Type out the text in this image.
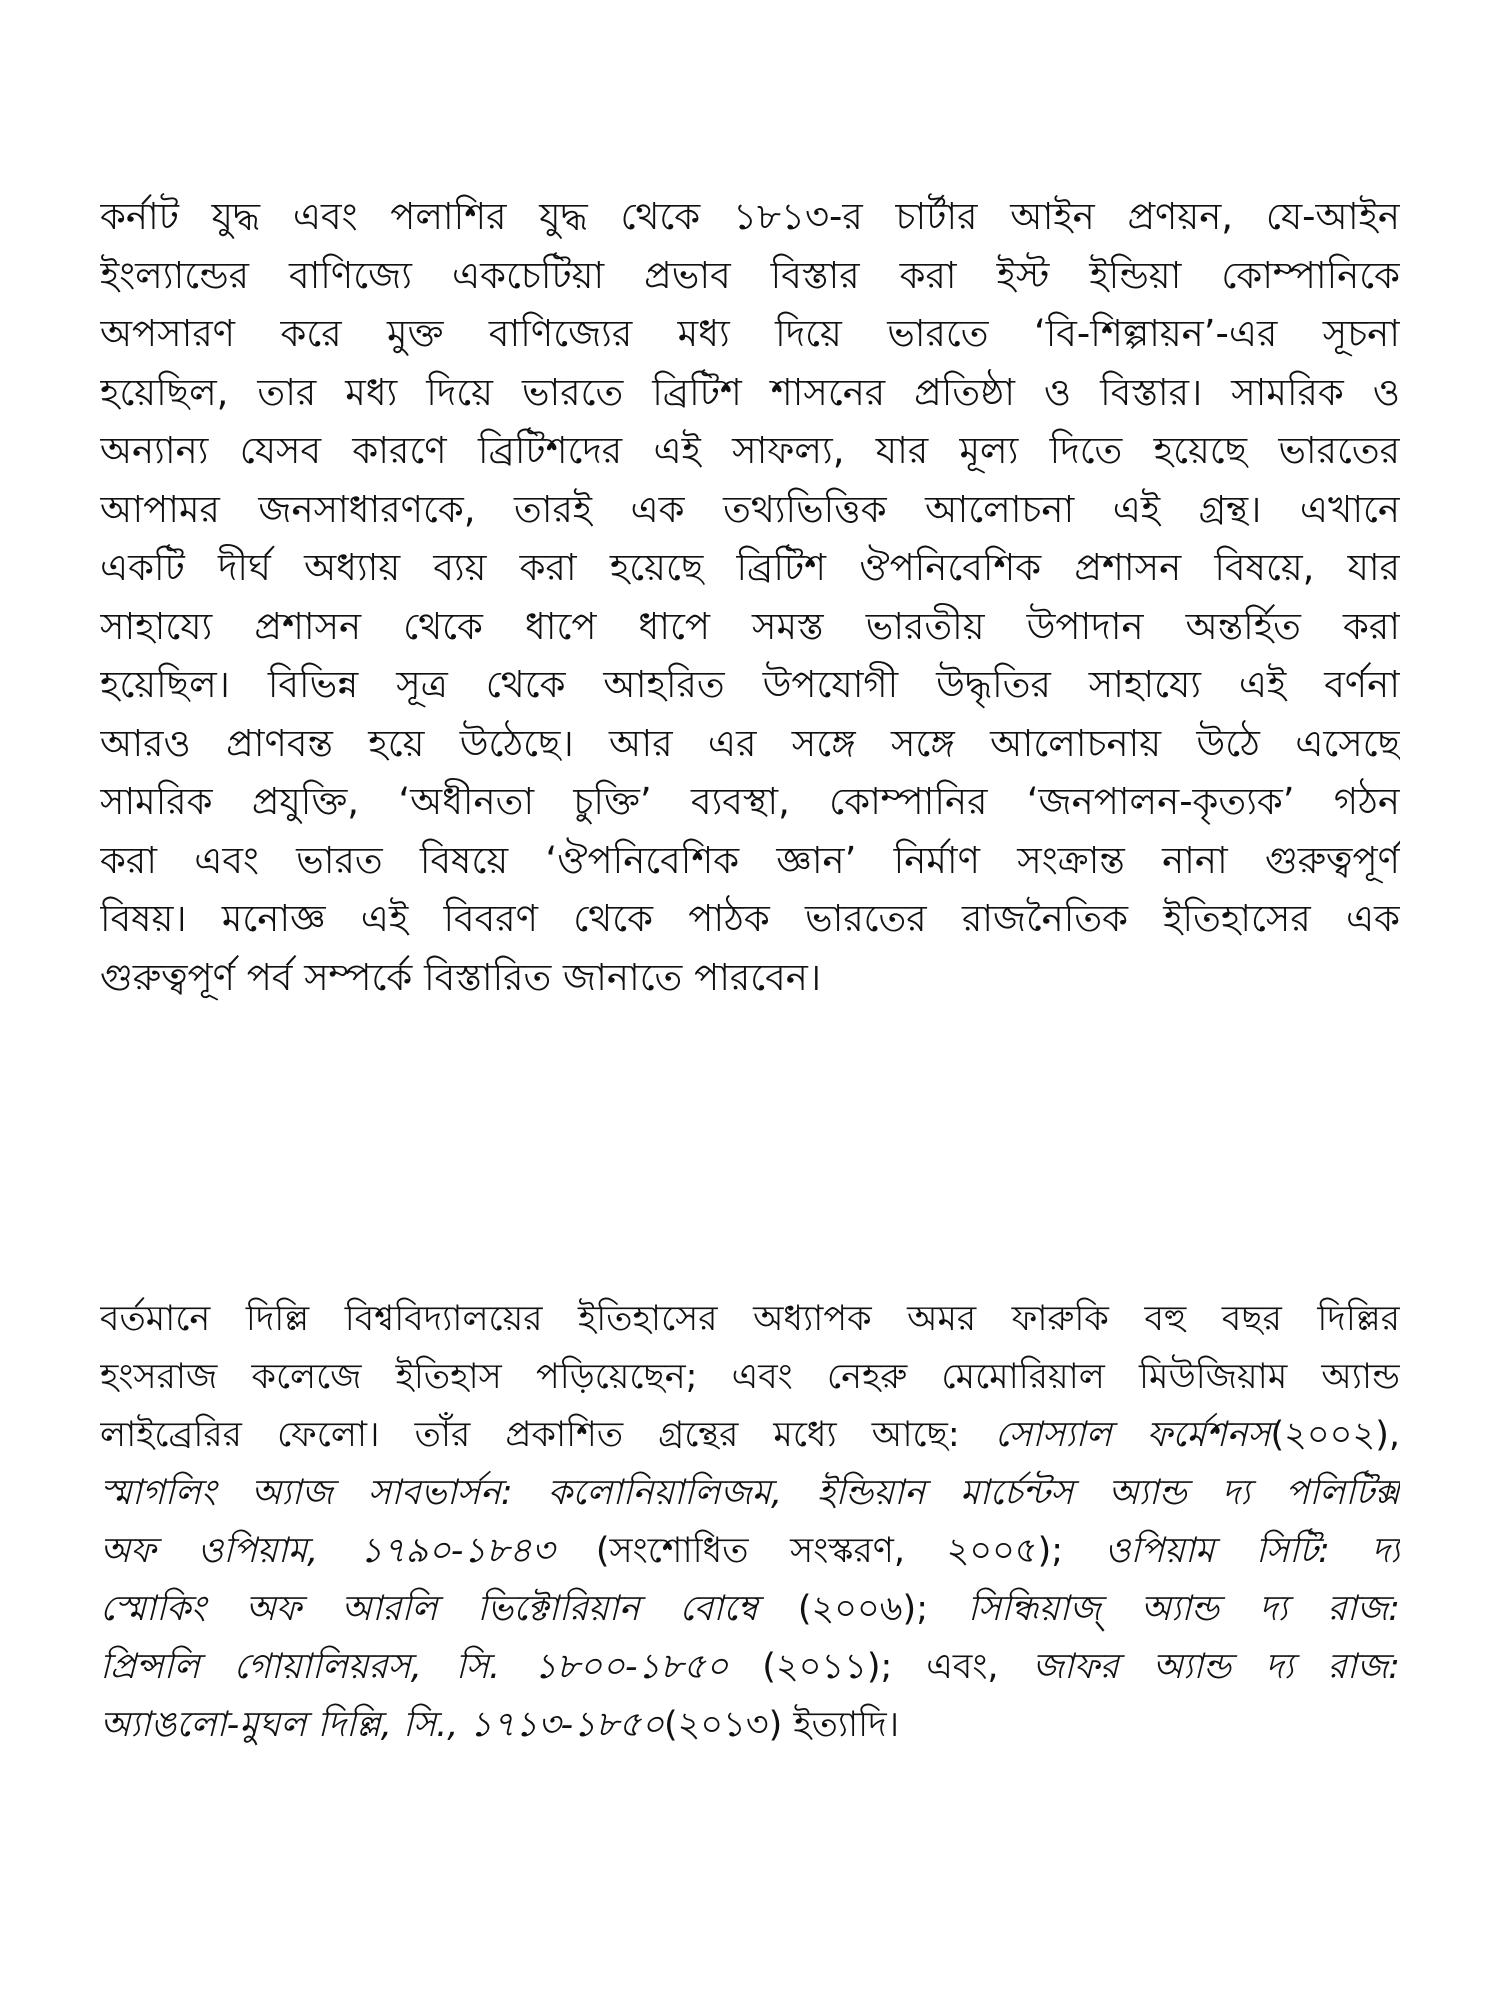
কর্নাট যুদ্ধ এবং পলাশির যুদ্ধ থেকে ১৮১৩-র চার্টার আইন প্রণয়ন, যে-আইন
ইংল্যান্ডের বাণিজ্যে একচেটিয়া প্রভাব বিস্তার করা ইস্ট ইন্ডিয়া কোম্পানিকে
অপসারণ করে মুক্ত বাণিজ্যের মধ্য দিয়ে ভারতে ‘বি-শিল্পায়ন’-এর সূচনা
হয়েছিল, তার মধ্য দিয়ে ভারতে ব্রিটিশ শাসনের প্রতিষ্ঠা ও বিস্তার। সামরিক ও
অন্যান্য যেসব কারণে ব্রিটিশদের এই সাফল্য, যার মূল্য দিতে হয়েছে ভারতের
আপামর জনসাধারণকে, তারই এক তথ্যভিত্তিক আলোচনা এই গ্রন্থ। এখানে
একটি দীর্ঘ অধ্যায় ব্যয় করা হয়েছে ব্রিটিশ ঔপনিবেশিক প্রশাসন বিষয়ে, যার
সাহায্যে প্রশাসন থেকে ধাপে ধাপে সমস্ত ভারতীয় উপাদান অন্তর্হিত করা
হয়েছিল। বিভিন্ন সূত্র থেকে আহরিত উপযোগী উদ্ধৃতির সাহায্যে এই বর্ণনা
আরও প্রাণবন্ত হয়ে উঠেছে। আর এর সঙ্গে সঙ্গে আলোচনায় উঠে এসেছে
সামরিক প্রযুক্তি, ‘অধীনতা চুক্তি’ ব্যবস্থা, কোম্পানির ‘জনপালন-কৃত্যক’ গঠন
করা এবং ভারত বিষয়ে ‘ঔপনিবেশিক জ্ঞান’ নির্মাণ সংক্রান্ত নানা গুরুত্বপূর্ণ
বিষয়। মনোজ্ঞ এই বিবরণ থেকে পাঠক ভারতের রাজনৈতিক ইতিহাসের এক
গুরুত্বপূর্ণ পর্ব সম্পর্কে বিস্তারিত জানাতে পারবেন।
বর্তমানে দিল্লি বিশ্ববিদ্যালয়ের ইতিহাসের অধ্যাপক অমর ফারুকি বহু বছর দিল্লির
হংসরাজ কলেজে ইতিহাস পড়িয়েছেন; এবং নেহরু মেমোরিয়াল মিউজিয়াম অ্যান্ড
লাইব্রেরির ফেলো। তাঁর প্রকাশিত গ্রন্থের মধ্যে আছে: সোস্যাল ফর্মেশনস(২০০২),
স্মাগলিং অ্যাজ সাবভার্সন: কলোনিয়ালিজম, ইন্ডিয়ান মার্চেন্টস অ্যান্ড দ্য পলিটিক্স
অফ ওপিয়াম, ১৭৯০-১৮৪৩ (সংশোধিত সংস্করণ, ২০০৫); ওপিয়াম সিটি: দ্য
স্মোকিং অফ আরলি ভিক্টোরিয়ান বোম্বে (২০০৬); সিন্ধিয়াজ্ অ্যান্ড দ্য রাজ:
প্রিন্সলি গোয়ালিয়রস, সি. ১৮০০-১৮৫০ (২০১১); এবং, জাফর অ্যান্ড দ্য রাজ:
অ্যাঙলো-মুঘল দিল্লি, সি., ১৭১৩-১৮৫০(২০১৩) ইত্যাদি।
